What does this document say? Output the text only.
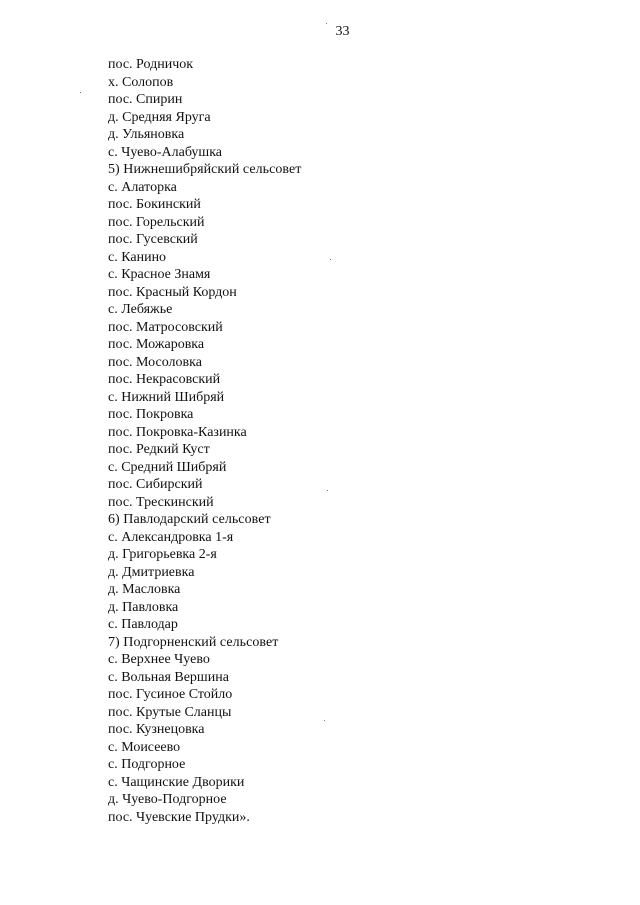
33
пос. Родничок
х. Солопов
пос. Спирин
д. Средняя Яруга
д. Ульяновка
с. Чуево-Алабушка
5) Нижнешибряйский сельсовет
с. Алаторка
пос. Бокинский
пос. Горельский
пос. Гусевский
с. Канино
с. Красное Знамя
пос. Красный Кордон
с. Лебяжье
пос. Матросовский
пос. Можаровка
пос. Мосоловка
пос. Некрасовский
с. Нижний Шибряй
пос. Покровка
пос. Покровка-Казинка
пос. Редкий Куст
с. Средний Шибряй
пос. Сибирский
пос. Трескинский
6) Павлодарский сельсовет
с. Александровка 1-я
д. Григорьевка 2-я
д. Дмитриевка
д. Масловка
д. Павловка
с. Павлодар
7) Подгорненский сельсовет
с. Верхнее Чуево
с. Вольная Вершина
пос. Гусиное Стойло
пос. Крутые Сланцы
пос. Кузнецовка
с. Моисеево
с. Подгорное
с. Чащинские Дворики
д. Чуево-Подгорное
пос. Чуевские Прудки».
